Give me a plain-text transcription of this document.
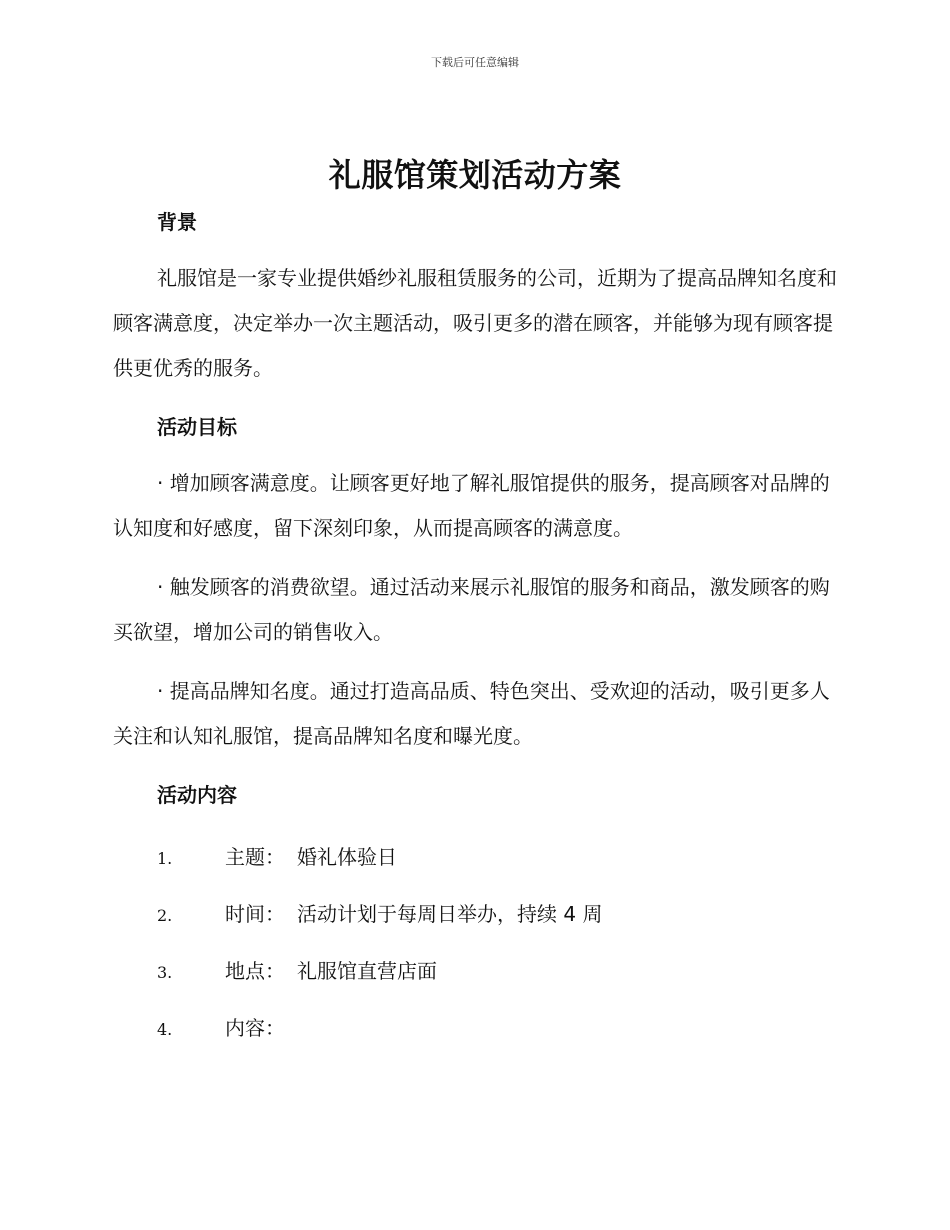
下载后可任意编辑
礼服馆策划活动方案
背景

礼服馆是一家专业提供婚纱礼服租赁服务的公司，近期为了提高品牌知名度和顾客满意度，决定举办一次主题活动，吸引更多的潜在顾客，并能够为现有顾客提供更优秀的服务。

活动目标

· 增加顾客满意度。让顾客更好地了解礼服馆提供的服务，提高顾客对品牌的认知度和好感度，留下深刻印象，从而提高顾客的满意度。

· 触发顾客的消费欲望。通过活动来展示礼服馆的服务和商品，激发顾客的购买欲望，增加公司的销售收入。

· 提高品牌知名度。通过打造高品质、特色突出、受欢迎的活动，吸引更多人关注和认知礼服馆，提高品牌知名度和曝光度。

活动内容
1.	主题： 婚礼体验日
2.	时间： 活动计划于每周日举办，持续 4 周
3.	地点： 礼服馆直营店面
4.	内容：
